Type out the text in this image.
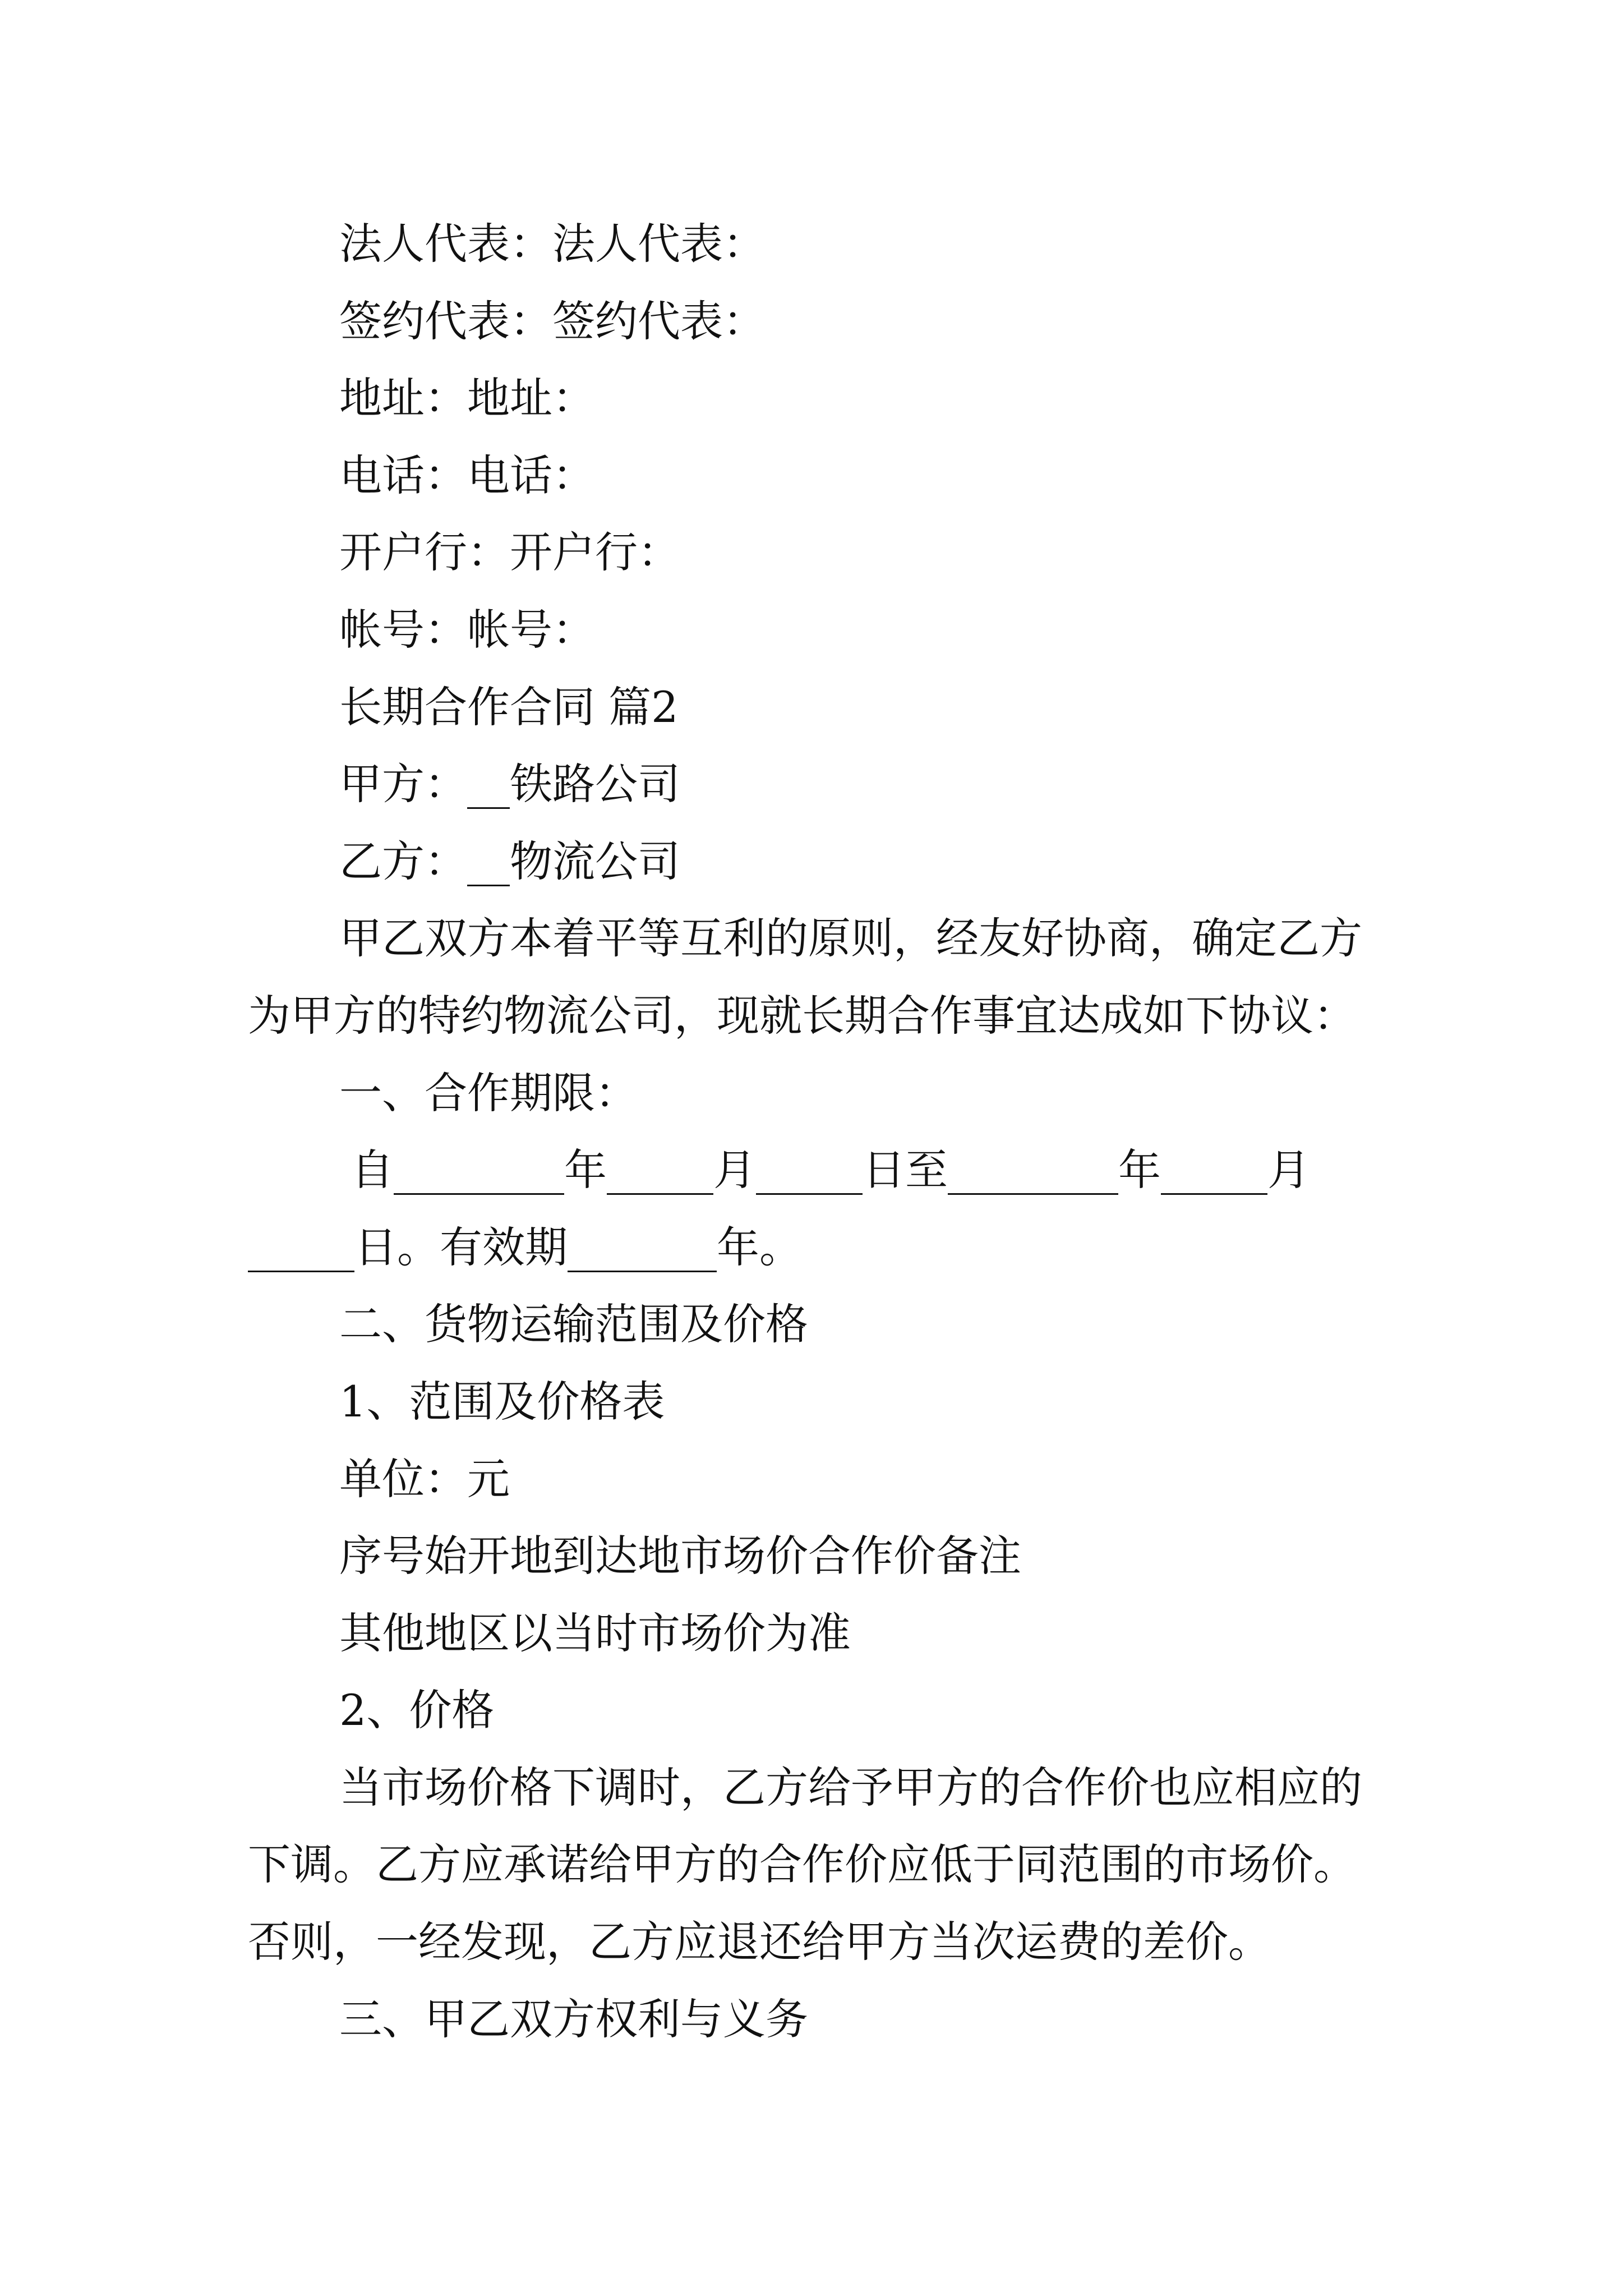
法人代表：法人代表：
签约代表：签约代表：
地址：地址：
电话：电话：
开户行：开户行：
帐号：帐号：
长期合作合同 篇2
甲方：__铁路公司
乙方：__物流公司
甲乙双方本着平等互利的原则，经友好协商，确定乙方
为甲方的特约物流公司，现就长期合作事宜达成如下协议：
一、合作期限：
自________年_____月_____日至________年_____月
_____日。有效期_______年。
二、货物运输范围及价格
1、范围及价格表
单位：元
序号始开地到达地市场价合作价备注
其他地区以当时市场价为准
2、价格
当市场价格下调时，乙方给予甲方的合作价也应相应的
下调。乙方应承诺给甲方的合作价应低于同范围的市场价。
否则，一经发现，乙方应退还给甲方当次运费的差价。
三、甲乙双方权利与义务
